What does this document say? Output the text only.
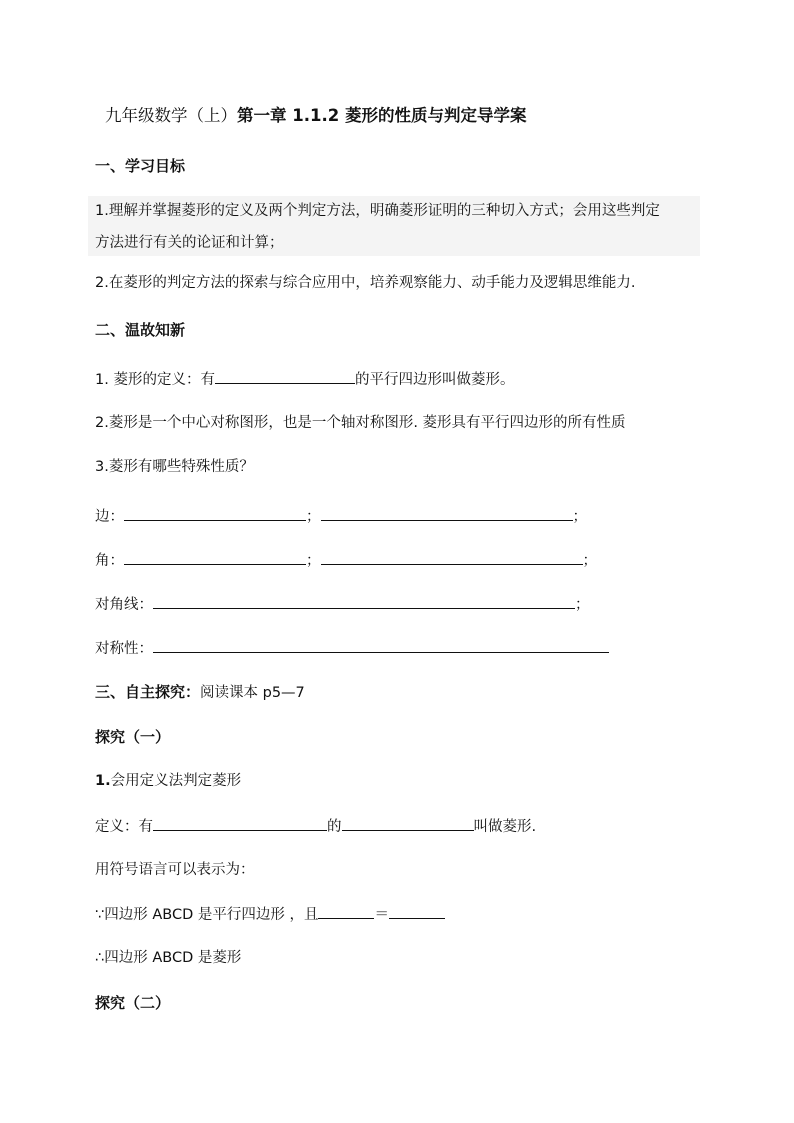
九年级数学（上）第一章 1.1.2 菱形的性质与判定导学案
一、学习目标
1.理解并掌握菱形的定义及两个判定方法，明确菱形证明的三种切入方式；会用这些判定
方法进行有关的论证和计算；
2.在菱形的判定方法的探索与综合应用中，培养观察能力、动手能力及逻辑思维能力.
二、温故知新
1. 菱形的定义：有	的平行四边形叫做菱形。
2.菱形是一个中心对称图形，也是一个轴对称图形. 菱形具有平行四边形的所有性质
3.菱形有哪些特殊性质？
边：	；	；
角：	；	；
对角线：	；
对称性：
三、自主探究：阅读课本 p5—7
探究（一）
1.会用定义法判定菱形
定义：有	的	叫做菱形.
用符号语言可以表示为：
∵四边形 ABCD 是平行四边形 ，且	＝
∴四边形 ABCD 是菱形
探究（二）
